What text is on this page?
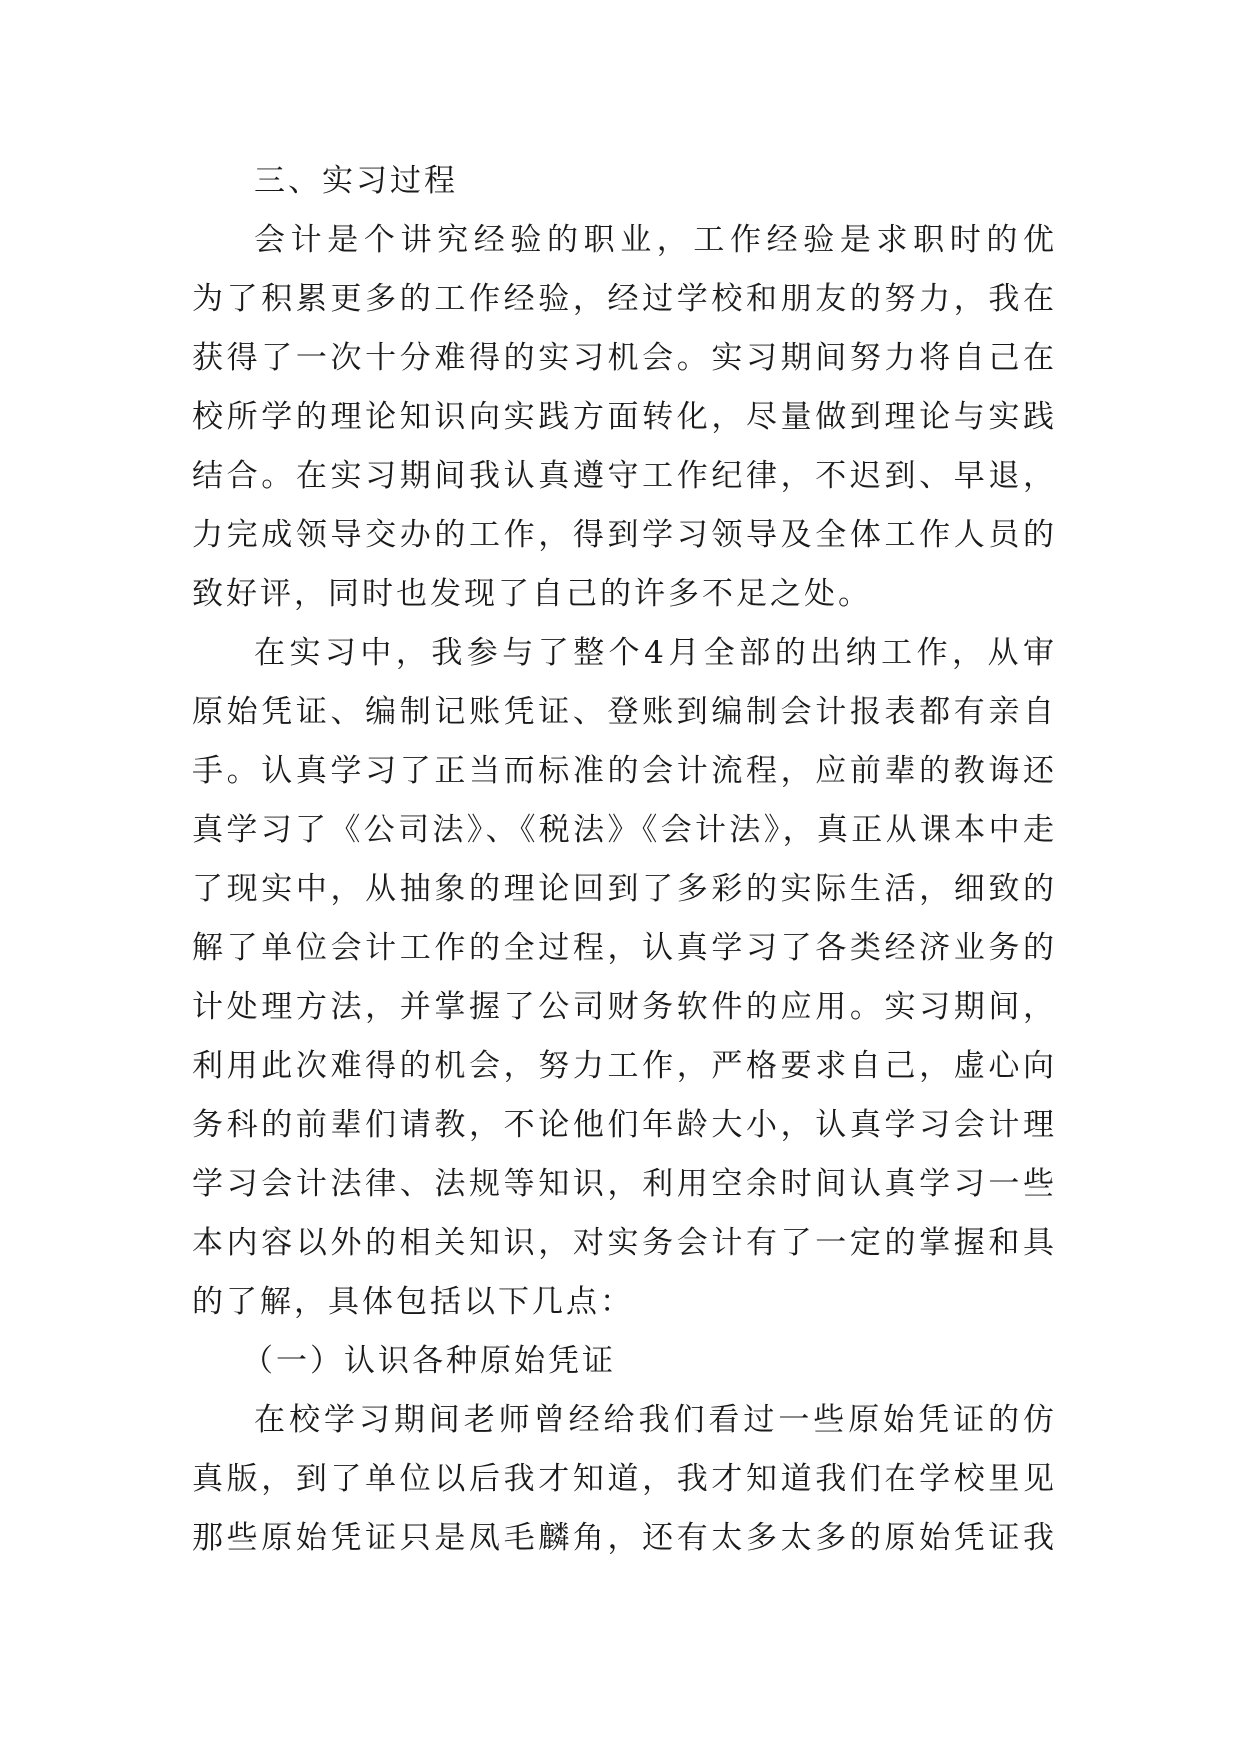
三、实习过程
会计是个讲究经验的职业，工作经验是求职时的优
为了积累更多的工作经验，经过学校和朋友的努力，我在
获得了一次十分难得的实习机会。实习期间努力将自己在
校所学的理论知识向实践方面转化，尽量做到理论与实践
结合。在实习期间我认真遵守工作纪律，不迟到、早退，
力完成领导交办的工作，得到学习领导及全体工作人员的
致好评，同时也发现了自己的许多不足之处。
在实习中，我参与了整个4月全部的出纳工作，从审
原始凭证、编制记账凭证、登账到编制会计报表都有亲自
手。认真学习了正当而标准的会计流程，应前辈的教诲还
真学习了《公司法》、《税法》《会计法》，真正从课本中走
了现实中，从抽象的理论回到了多彩的实际生活，细致的
解了单位会计工作的全过程，认真学习了各类经济业务的
计处理方法，并掌握了公司财务软件的应用。实习期间，
利用此次难得的机会，努力工作，严格要求自己，虚心向
务科的前辈们请教，不论他们年龄大小，认真学习会计理
学习会计法律、法规等知识，利用空余时间认真学习一些
本内容以外的相关知识，对实务会计有了一定的掌握和具
的了解，具体包括以下几点：
（一）认识各种原始凭证
在校学习期间老师曾经给我们看过一些原始凭证的仿
真版，到了单位以后我才知道，我才知道我们在学校里见
那些原始凭证只是凤毛麟角，还有太多太多的原始凭证我
